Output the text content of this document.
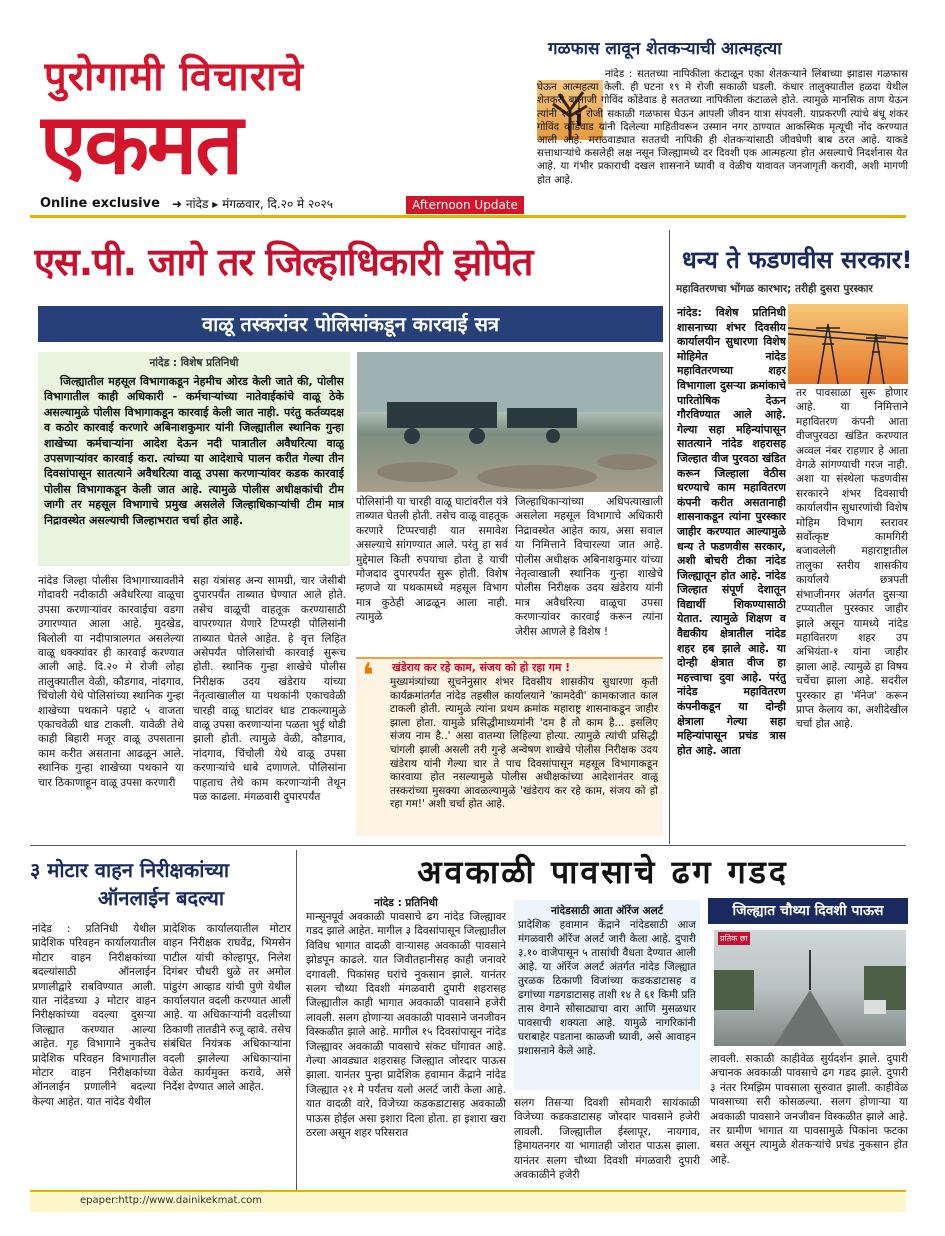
पुरोगामी विचाराचे
एकमत
Online exclusive ➜ नांदेड ▸ मंगळवार, दि.२० मे २०२५	Afternoon Update
गळफास लावून शेतकऱ्याची आत्महत्या
नांदेड : सततच्या नापिकीला कंटाळून एका शेतकऱ्याने लिंबाच्या झाडास गळफास घेऊन आत्महत्या केली. ही घटना १९ मे रोजी सकाळी घडली. कंधार तालुक्यातील हळदा येथील शेतकरी बालाजी गोविंद कोंडेवाड हे सततच्या नापिकीला कंटाळले होते. त्यामुळे मानसिक ताण येऊन त्यांनी १९ मे रोजी सकाळी गळफास घेऊन आपली जीवन यात्रा संपवली. याप्रकरणी त्यांचे बंधू शंकर गोविंद कोंडेवाड यांनी दिलेल्या माहितीवरून उस्मान नगर ठाण्यात आकस्मिक मृत्यूची नोंद करण्यात आली आहे. मराठवाड्यात सततची नापिकी ही शेतकऱ्यांसाठी जीवघेणी बाब ठरत आहे. याकडे सत्ताधाऱ्यांचे कसलेही लक्ष नसून जिल्ह्यामध्ये दर दिवशी एक आत्महत्या होत असल्याचे निदर्शनास येत आहे. या गंभीर प्रकाराची दखल शासनाने घ्यावी व वेळीच यावावत जनजागृती करावी, अशी मागणी होत आहे.
एस.पी. जागे तर जिल्हाधिकारी झोपेत
वाळू तस्करांवर पोलिसांकडून कारवाई सत्र
नांदेड : विशेष प्रतिनिधी
जिल्ह्यातील महसूल विभागाकडून नेहमीच ओरड केली जाते की, पोलीस विभागातील काही अधिकारी - कर्मचाऱ्यांच्या नातेवाईकांचे वाळू ठेके असल्यामुळे पोलीस विभागाकडून कारवाई केली जात नाही. परंतु कर्तव्यदक्ष व कठोर कारवाई करणारे अबिनाशकुमार यांनी जिल्ह्यातील स्थानिक गुन्हा शाखेच्या कर्मचाऱ्यांना आदेश देऊन नदी पात्रातील अवैधरित्या वाळू उपसणाऱ्यांवर कारवाई करा. त्यांच्या या आदेशाचे पालन करीत गेल्या तीन दिवसांपासून सातत्याने अवैधरित्या वाळू उपसा करणाऱ्यांवर कडक कारवाई पोलीस विभागाकडून केली जात आहे. त्यामुळे पोलीस अधीक्षकांची टीम जागी तर महसूल विभागाचे प्रमुख असलेले जिल्हाधिकाऱ्यांची टीम मात्र निद्रावस्थेत असल्याची जिल्हाभरात चर्चा होत आहे.
नांदेड जिल्हा पोलीस विभागाच्यावतीने गोदावरी नदीकाठी अवैधरित्या वाळूचा उपसा करणाऱ्यांवर कारवाईचा वडगा उगारण्यात आला आहे. मुदखेड, बिलोली या नदीपात्रालगत असलेल्या वाळू धक्क्यांवर ही कारवाई करण्यात आली आहे. दि.२० मे रोजी लोहा तालुक्यातील वेळी, कौडगाव, नांदगाव, चिंचोली येथे पोलिसांच्या स्थानिक गुन्हा शाखेच्या पथकाने पहाटे ५ वाजता एकाचवेळी धाड टाकली. यावेळी तेथे काही बिहारी मजूर वाळू उपसताना काम करीत असताना आढळून आले. स्थानिक गुन्हा शाखेच्या पथकाने या चार ठिकाणाहून वाळू उपसा करणारी
सहा यंत्रांसह अन्य सामग्री, चार जेसीबी दुपारपर्यंत ताब्यात घेण्यात आले होते. तसेच वाळूची वाहतूक करण्यासाठी वापरण्यात येणारे टिप्परही पोलिसांनी ताब्यात घेतले आहेत. हे वृत्त लिहित असेपर्यंत पोलिसांची कारवाई सुरूच होती. स्थानिक गुन्हा शाखेचे पोलीस निरीक्षक उदय खंडेराय यांच्या नेतृत्वाखालील या पथकांनी एकाचवेळी चारही वाळू घाटांवर धाड टाकल्यामुळे वाळू उपसा करणाऱ्यांना पळता भुई थोडी झाली होती. त्यामुळे वेळी, कौडगाव, नांदगाव, चिंचोली येथे वाळू उपसा करणाऱ्यांचे धाबे दणाणले. पोलिसांना पाहताच तेथे काम करणाऱ्यांनी तेथून पळ काढला. मंगळवारी दुपारपर्यंत
पोलिसांनी या चारही वाळू घाटांवरील यंत्रे ताब्यात घेतली होती. तसेच वाळू वाहतूक करणारे टिप्परचाही यात समावेश असल्याचे सांगण्यात आले. परंतु हा सर्व मुद्देमाल किती रुपयाचा होता हे याची मोजदाद दुपारपर्यंत सुरू होती. विशेष म्हणजे या पथकामध्ये महसूल विभाग मात्र कुठेही आढळून आला नाही. त्यामुळे
जिल्हाधिकाऱ्यांच्या अधिपत्याखाली असलेला महसूल विभागाचे अधिकारी निद्रावस्थेत आहेत काय, असा सवाल या निमित्ताने विचारल्या जात आहे. पोलीस अधीक्षक अबिनाशकुमार यांच्या नेतृत्वाखाली स्थानिक गुन्हा शाखेचे पोलीस निरीक्षक उदय खंडेराय यांनी मात्र अवैधरित्या वाळूचा उपसा करणाऱ्यांवर कारवाई करून त्यांना जेरीस आणले हे विशेष !
❛ खंडेराय कर रहे काम, संजय को हो रहा गम !
मुख्यमंत्र्यांच्या सूचनेनुसार शंभर दिवसीय शासकीय सुधारणा कृती कार्यक्रमांतर्गत नांदेड तहसील कार्यालयाने 'कामदेवी' कामकाजात काल टाकली होती. त्यामुळे त्यांना प्रथम क्रमांक महाराष्ट्र शासनाकडून जाहीर झाला होता. यामुळे प्रसिद्धीमाध्यमांनी 'दम है तो काम है... इसलिए संजय नाम है..' असा वातम्या लिहिल्या होत्या. त्यामुळे त्यांची प्रसिद्धी चांगली झाली असली तरी गुन्हे अन्वेषण शाखेचे पोलीस निरीक्षक उदय खंडेराय यांनी गेल्या चार ते पाच दिवसांपासून महसूल विभागाकडून कारवाया होत नसल्यामुळे पोलीस अधीक्षकांच्या आदेशानंतर वाळू तस्करांच्या मुसक्या आवळल्यामुळे 'खंडेराय कर रहे काम, संजय को हो रहा गम!' अशी चर्चा होत आहे.
धन्य ते फडणवीस सरकार!
महावितरणचा भोंगळ कारभार; तरीही दुसरा पुरस्कार
नांदेड: विशेष प्रतिनिधी शासनाच्या शंभर दिवसीय कार्यालयीन सुधारणा विशेष मोहिमेत नांदेड महावितरणच्या शहर विभागाला दुसऱ्या क्रमांकाचे पारितोषिक देऊन गौरविण्यात आले आहे. गेल्या सहा महिन्यांपासून सातत्याने नांदेड शहरासह जिल्हात वीज पुरवठा खंडित करून जिल्हाला वेठीस धरण्याचे काम महावितरण कंपनी करीत असतानाही शासनाकडून त्यांना पुरस्कार जाहीर करण्यात आल्यामुळे धन्य ते फडणवीस सरकार, अशी बोचरी टीका नांदेड जिल्ह्यातून होत आहे. नांदेड जिल्हात संपूर्ण देशातून विद्यार्थी शिकण्यासाठी येतात. त्यामुळे शिक्षण व वैद्यकीय क्षेत्रातील नांदेड शहर हब झाले आहे. या दोन्ही क्षेत्रात वीज हा महत्त्वाचा दुवा आहे. परंतु नांदेड महावितरण कंपनीकडून या दोन्ही क्षेत्राला गेल्या सहा महिन्यांपासून प्रचंड त्रास होत आहे. आता
तर पावसाळा सुरू होणार आहे. या निमित्ताने महावितरण कंपनी आता वीजपुरवठा खंडित करण्यात अव्वल नंबर राहणार हे आता वेगळे सांगण्याची गरज नाही. अशा या संस्थेला फडणवीस सरकारने शंभर दिवसाची कार्यालयीन सुधारणांची विशेष मोहिम विभाग स्तरावर सर्वोत्कृष्ट कामगिरी बजावलेली महाराष्ट्रातील तालुका स्तरीय शासकीय कार्यालये छत्रपती संभाजीनगर अंतर्गत दुसऱ्या टप्प्यातील पुरस्कार जाहीर झाले असून यामध्ये नांदेड महावितरण शहर उप अभियंता-१ यांना जाहीर झाला आहे. त्यामुळे हा विषय चर्चेचा झाला आहे. सदरील पुरस्कार हा 'मॅनेज' करून प्राप्त केलाय का, अशीदेखील चर्चा होत आहे.
३ मोटार वाहन निरीक्षकांच्या
ऑनलाईन बदल्या
नांदेड : प्रतिनिधी येथील प्रादेशिक परिवहन कार्यालयातील मोटार वाहन निरीक्षकांच्या बदल्यांसाठी ऑनलाईन प्रणालीद्वारे राबविण्यात आली. यात नांदेडच्या ३ मोटार वाहन निरीक्षकांच्या वदल्या दुसऱ्या जिल्ह्यात करण्यात आल्या आहेत. गृह विभागाने नुकतेच प्रादेशिक परिवहन विभागातील मोटार वाहन निरीक्षकांच्या ऑनलाईन प्रणालीने बदल्या केल्या आहेत. यात नांदेड येथील
प्रादेशिक कार्यालयातील मोटार वाहन निरीक्षक राघवेंद्र, भिमसेन पाटील यांची कोल्हापूर, निलेश दिगंबर चौधरी धुळे तर अमोल पांडुरंग आव्हाड यांची पुणे येथील कार्यालयात वदली करण्यात आली आहे. या अधिकाऱ्यांनी वदलीच्या ठिकाणी तातडीने रुजू व्हावे. तसेच संबंधित नियंत्रक अधिकाऱ्यांना वदली झालेल्या अधिकाऱ्यांना वेळेत कार्यमुक्त करावे, असे निर्देश देण्यात आले आहेत.
अवकाळी पावसाचे ढग गडद
नांदेड : प्रतिनिधी
मान्सूनपूर्व अवकाळी पावसाचे ढग नांदेड जिल्ह्यावर गडद झाले आहेत. मागील ३ दिवसांपासून जिल्ह्यातील विविध भागात वादळी वाऱ्यासह अवकाळी पावसाने झोडपून काढले. यात जिवीतहानीसह काही जनावरे दगावली. पिकांसह घरांचे नुकसान झाले. यानंतर सलग चौथ्या दिवशी मंगळवारी दुपारी शहरासह जिल्ह्यातील काही भागात अवकाळी पावसाने हजेरी लावली. सलग होणाऱ्या अवकाळी पावसाने जनजीवन विस्कळीत झाले आहे. मागील १५ दिवसांपासून नांदेड जिल्ह्यावर अवकाळी पावसाचे संकट घोंगावत आहे. गेल्या आवड्यात शहरासह जिल्ह्यात जोरदार पाऊस झाला. यानंतर पुन्हा प्रादेशिक हवामान केंद्राने नांदेड जिल्ह्यात २१ मे पर्यंतच यलो अलर्ट जारी केला आहे. यात वादळी वारे, विजेच्या कडकडाटासह अवकाळी पाऊस होईल असा इशारा दिला होता. हा इशारा खरा ठरला असून शहर परिसरात
नांदेडसाठी आता ऑरेंज अलर्ट
प्रादेशिक हवामान केंद्राने नांदेडसाठी आज मंगळवारी ऑरेंज अलर्ट जारी केला आहे. दुपारी ३.१० वाजेपासून ५ तासांची वैधता देण्यात आली आहे. या ऑरेंज अलर्ट अंतर्गत नांदेड जिल्ह्यात तुरळक ठिकाणी विजांच्या कडकडाटासह व ढगांच्या गडगडाटासह ताशी १४ ते ६१ किमी प्रति तास वेगाने सोसाट्याचा वारा आणि मुसळधार पावसाची शक्यता आहे. यामुळे नागरिकांनी घराबाहेर पडताना काळजी घ्यावी, असे आवाहन प्रशासनाने केले आहे.
सलग तिसऱ्या दिवशी सोमवारी सायंकाळी विजेच्या कडकडाटासह जोरदार पावसाने हजेरी लावली. जिल्ह्यातील ईस्लापूर, नायगाव, हिमायतनगर या भागातही जोरात पाऊस झाला. यानंतर सलग चौथ्या दिवशी मंगळवारी दुपारी अवकाळीने हजेरी
जिल्ह्यात चौथ्या दिवशी पाऊस
प्रतिक छा
लावली. सकाळी काहीवेळ सुर्यदर्शन झाले. दुपारी अचानक अवकाळी पावसाचे ढग गडद झाले. दुपारी ३ नंतर रिमझिम पावसाला सुरुवात झाली. काहीवेळ पावसाच्या सरी कोसळल्या. सलग होणाऱ्या या अवकाळी पावसाने जनजीवन विस्कळीत झाले आहे. तर ग्रामीण भागात या पावसामुळे पिकांना फटका बसत असून त्यामुळे शेतकऱ्यांचे प्रचंड नुकसान होत आहे.
epaper:http://www.dainikekmat.com
